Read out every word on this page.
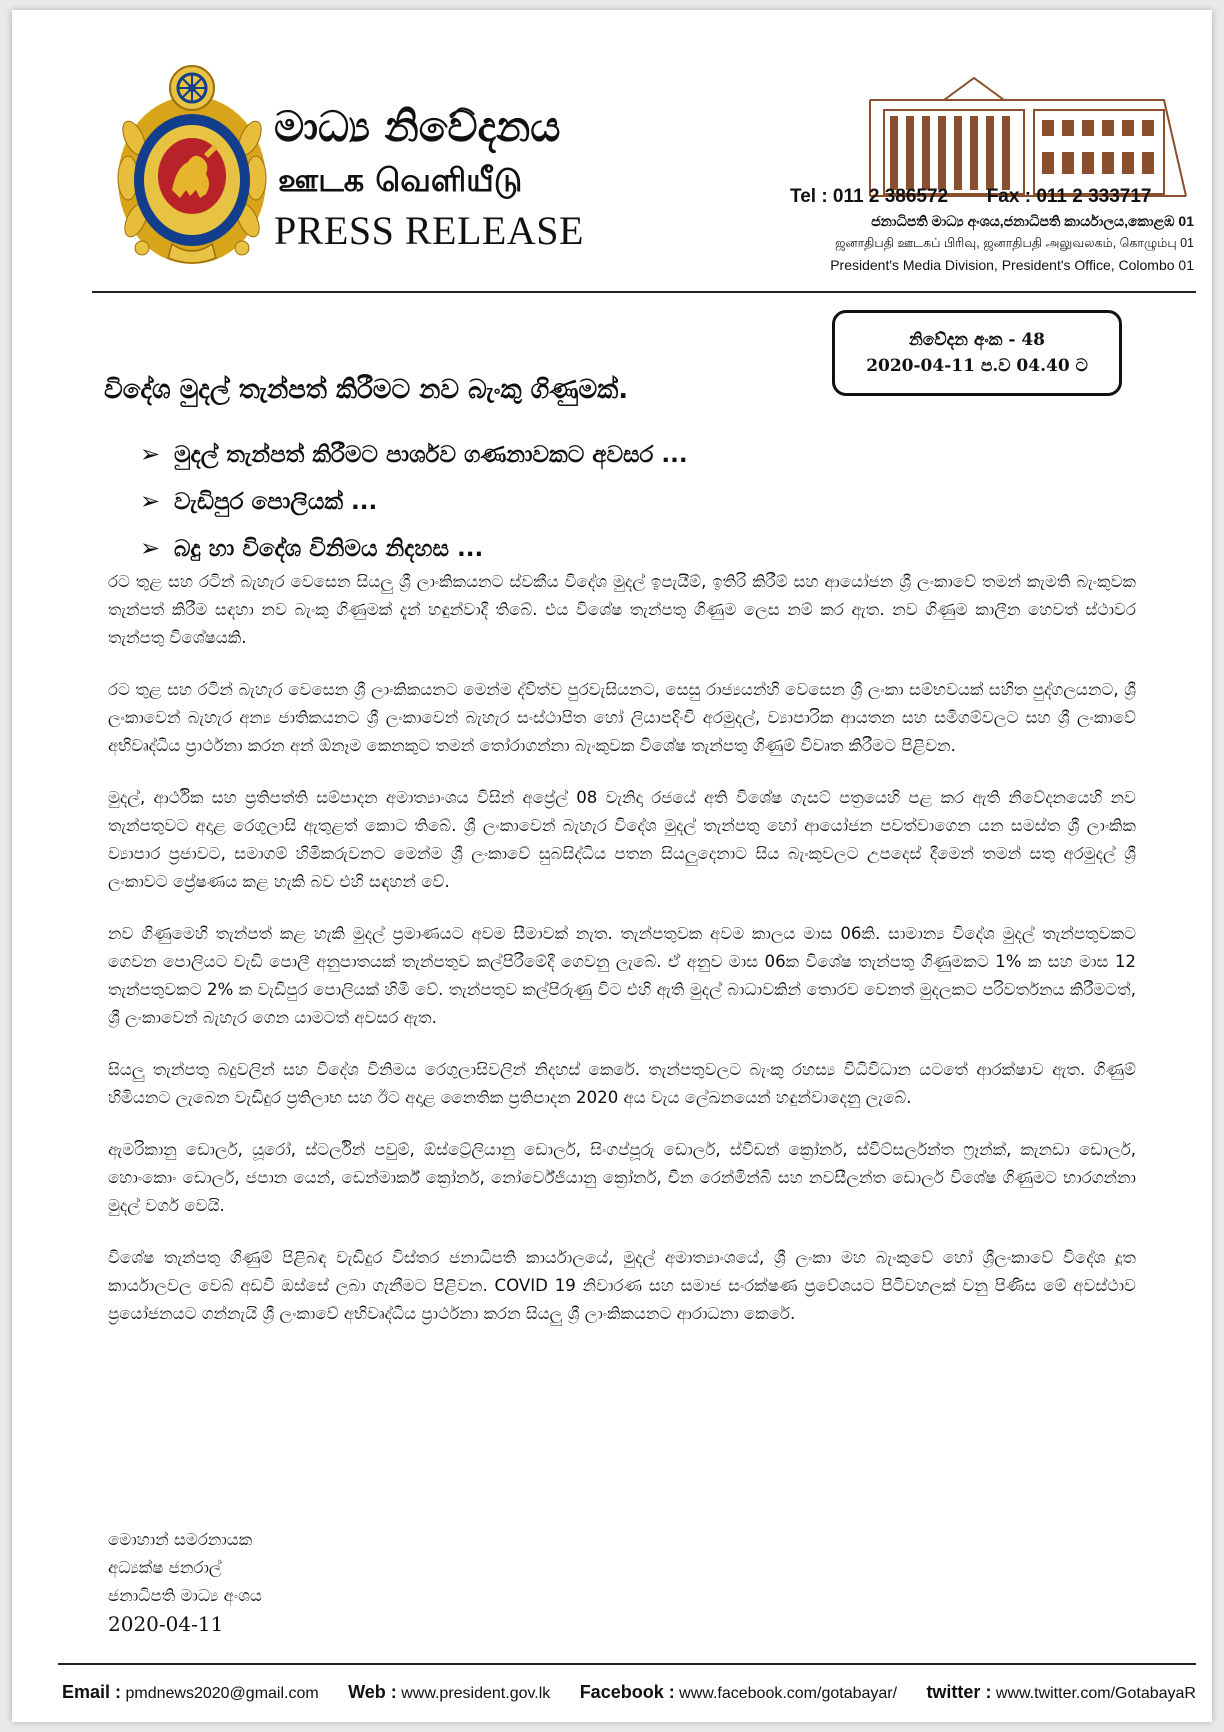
මාධ්‍ය නිවේදනය
ஊடக வெளியீடு
PRESS RELEASE
Tel : 011 2 386572 Fax : 011 2 333717
ජනාධිපති මාධ්‍ය අංශය,ජනාධිපති කාර්යාලය,කොළඹ 01
ஜனாதிபதி ஊடகப் பிரிவு, ஜனாதிபதி அலுவலகம், கொழும்பு 01
President's Media Division, President's Office, Colombo 01
නිවේදන අංක - 48
2020-04-11 ප.ව 04.40 ට
විදේශ මුදල් තැන්පත් කිරීමට නව බැංකු ගිණුමක්.
➢ මුදල් තැන්පත් කිරීමට පාර්ශව ගණනාවකට අවසර ...
➢ වැඩිපුර පොලියක් ...
➢ බදු හා විදේශ විනිමය නිදහස ...

රට තුළ සහ රටින් බැහැර වෙසෙන සියලු ශ්‍රී ලාංකිකයනට ස්වකීය විදේශ මුදල් ඉපැයීම්, ඉතිරි කිරීම් සහ ආයෝජන ශ්‍රී ලංකාවේ තමන් කැමති බැංකුවක තැන්පත් කිරීම සඳහා නව බැංකු ගිණුමක් දැන් හඳුන්වාදී තිබේ. එය විශේෂ තැන්පතු ගිණුම ලෙස නම් කර ඇත. නව ගිණුම කාලීන හෙවත් ස්ථාවර තැන්පතු විශේෂයකි.

රට තුළ සහ රටින් බැහැර වෙසෙන ශ්‍රී ලාංකිකයනට මෙන්ම ද්විත්ව පුරවැසියනට, සෙසු රාජ්‍යයන්හි වෙසෙන ශ්‍රී ලංකා සම්භවයක් සහිත පුද්ගලයනට, ශ්‍රී ලංකාවෙන් බැහැර අන්‍ය ජාතිකයනට ශ්‍රී ලංකාවෙන් බැහැර සංස්ථාපිත හෝ ලියාපදිංචි අරමුදල්, ව්‍යාපාරික ආයතන සහ සමිගම්වලට සහ ශ්‍රී ලංකාවේ අභිවෘද්ධිය ප්‍රාර්ථනා කරන අන් ඕනෑම කෙනකුට තමන් තෝරාගන්නා බැංකුවක විශේෂ තැන්පතු ගිණුම් විවෘත කිරීමට පිළිවන.

මුදල්, ආර්ථික සහ ප්‍රතිපත්ති සම්පාදන අමාත්‍යාංශය විසින් අප්‍රේල් 08 වැනිදා රජයේ අති විශේෂ ගැසට් පත්‍රයෙහි පළ කර ඇති නිවේදනයෙහි නව තැන්පතුවට අදාළ රෙගුලාසි ඇතුළත් කොට තිබේ. ශ්‍රී ලංකාවෙන් බැහැර විදේශ මුදල් තැන්පතු හෝ ආයෝජන පවත්වාගෙන යන සමස්ත ශ්‍රී ලාංකික ව්‍යාපාර ප්‍රජාවට, සමාගම් හිමිකරුවනට මෙන්ම ශ්‍රී ලංකාවේ සුබසිද්ධිය පතන සියලුදෙනාට සිය බැංකුවලට උපදෙස් දීමෙන් තමන් සතු අරමුදල් ශ්‍රී ලංකාවට ප්‍රේෂණය කළ හැකි බව එහි සඳහන් වේ.

නව ගිණුමෙහි තැන්පත් කළ හැකි මුදල් ප්‍රමාණයට අවම සීමාවක් නැත. තැන්පතුවක අවම කාලය මාස 06කි. සාමාන්‍ය විදේශ මුදල් තැන්පතුවකට ගෙවන පොලියට වැඩි පොලී අනුපාතයක් තැන්පතුව කල්පිරීමේදී ගෙවනු ලැබේ. ඒ අනුව මාස 06ක විශේෂ තැන්පතු ගිණුමකට 1% ක සහ මාස 12 තැන්පතුවකට 2% ක වැඩිපුර පොලියක් හිමි වේ. තැන්පතුව කල්පිරුණු විට එහි ඇති මුදල් බාධාවකින් තොරව වෙනත් මුදලකට පරිවර්තනය කිරීමටත්, ශ්‍රී ලංකාවෙන් බැහැර ගෙන යාමටත් අවසර ඇත.

සියලු තැන්පතු බදුවලින් සහ විදේශ විනිමය රෙගුලාසිවලින් නිදහස් කෙරේ. තැන්පතුවලට බැංකු රහස්‍ය විධිවිධාන යටතේ ආරක්ෂාව ඇත. ගිණුම් හිමියනට ලැබෙන වැඩිදුර ප්‍රතිලාභ සහ ඊට අදාළ නෛතික ප්‍රතිපාදන 2020 අය වැය ලේඛනයෙන් හඳුන්වාදෙනු ලැබේ.

ඇමරිකානු ඩොලර්, යූරෝ, ස්ටර්ලින් පවුම්, ඕස්ට්‍රේලියානු ඩොලර්, සිංගප්පූරු ඩොලර්, ස්වීඩන් ක්‍රෝනර්, ස්විට්සර්ලන්ත ෆ්‍රෑන්ක්, කැනඩා ඩොලර්, හොංකොං ඩොලර්, ජපාන යෙන්, ඩෙන්මාර්ක් ක්‍රෝනර්, නෝර්වේජියානු ක්‍රෝනර්, චීන රෙන්මින්බි සහ නවසීලන්ත ඩොලර් විශේෂ ගිණුමට භාරගන්නා මුදල් වර්ග වෙයි.

විශේෂ තැන්පතු ගිණුම් පිළිබඳ වැඩිදුර විස්තර ජනාධිපති කාර්යාලයේ, මුදල් අමාත්‍යාංශයේ, ශ්‍රී ලංකා මහ බැංකුවේ හෝ ශ්‍රීලංකාවේ විදේශ දූත කාර්යාලවල වෙබ් අඩවි ඔස්සේ ලබා ගැනීමට පිළිවන. COVID 19 නිවාරණ සහ සමාජ සංරක්ෂණ ප්‍රවේශයට පිටිවහලක් වනු පිණිස මේ අවස්ථාව ප්‍රයෝජනයට ගන්නැයි ශ්‍රී ලංකාවේ අභිවෘද්ධිය ප්‍රාර්ථනා කරන සියලු ශ්‍රී ලාංකිකයනට ආරාධනා කෙරේ.

මොහාන් සමරනායක
අධ්‍යක්ෂ ජනරාල්
ජනාධිපති මාධ්‍ය අංශය
2020-04-11
Email : pmdnews2020@gmail.com Web : www.president.gov.lk Facebook : www.facebook.com/gotabayar/ twitter : www.twitter.com/GotabayaR
